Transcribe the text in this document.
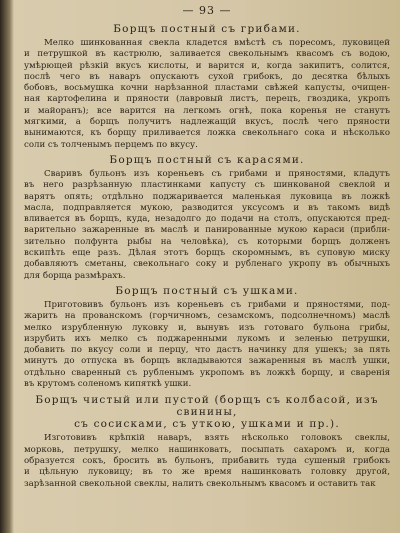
— 93 —
Борщъ постный съ грибами.
Мелко шинкованная свекла кладется вмѣстѣ съ поресомъ, луковицей
и петрушкой въ кастрюлю, заливается свекольнымъ квасомъ съ водою,
умѣрющей рѣзкій вкусъ кислоты, и варится и, когда закипитъ, солится,
послѣ чего въ наваръ опускаютъ сухой грибокъ, до десятка бѣлыхъ
бобовъ, восьмушка кочни нарѣзанной пластами свѣжей капусты, очищен-
ная картофелина и пряности (лавровый листъ, перецъ, гвоздика, укропъ
и майоранъ); все варится на легкомъ огнѣ, пока коренья не станутъ
мягкими, а борщъ получитъ надлежащій вкусъ, послѣ чего пряности
вынимаются, къ борщу приливается ложка свекольнаго сока и нѣсколько
соли съ толченымъ перцемъ по вкусу.
Борщъ постный съ карасями.
Сваривъ бульонъ изъ кореньевъ съ грибами и пряностями, кладутъ
въ него разрѣзанную пластинками капусту съ шинкованой свеклой и
варятъ опять; отдѣльно поджаривается маленькая луковица въ ложкѣ
масла, подправляется мукою, разводится уксусомъ и въ такомъ видѣ
вливается въ борщъ, куда, незадолго до подачи на столъ, опускаются пред-
варительно зажаренные въ маслѣ и панированные мукою караси (прибли-
зительно полфунта рыбы на человѣка), съ которыми борщъ долженъ
вскипѣть еще разъ. Дѣлая этотъ борщъ скоромнымъ, въ суповую миску
добавляютъ сметаны, свекольнаго соку и рубленаго укропу въ обычныхъ
для борща размѣрахъ.
Борщъ постный съ ушками.
Приготовивъ бульонъ изъ кореньевъ съ грибами и пряностями, под-
жарить на прованскомъ (горчичномъ, сезамскомъ, подсолнечномъ) маслѣ
мелко изрубленную луковку и, вынувъ изъ готоваго бульона грибы,
изрубить ихъ мелко съ поджаренными лукомъ и зеленью петрушки,
добавить по вкусу соли и перцу, что дастъ начинку для ушекъ; за пять
минутъ до отпуска въ борщъ вкладываются зажаренныя въ маслѣ ушки,
отдѣльно сваренный съ рубленымъ укропомъ въ ложкѣ борщу, и сваренія
въ крутомъ соленомъ кипяткѣ ушки.
Борщъ чистый или пустой (борщъ съ колбасой, изъ свинины,
съ сосисками, съ уткою, ушками и пр.).
Изготовивъ крѣпкій наваръ, взять нѣсколько головокъ свеклы,
морковь, петрушку, мелко нашинковать, посыпать сахаромъ и, когда
образуется сокъ, бросить въ бульонъ, прибавить туда сушеный грибокъ
и цѣльную луковицу; въ то же время нашинковать головку другой,
зарѣзанной свекольной свеклы, налить свекольнымъ квасомъ и оставить так
